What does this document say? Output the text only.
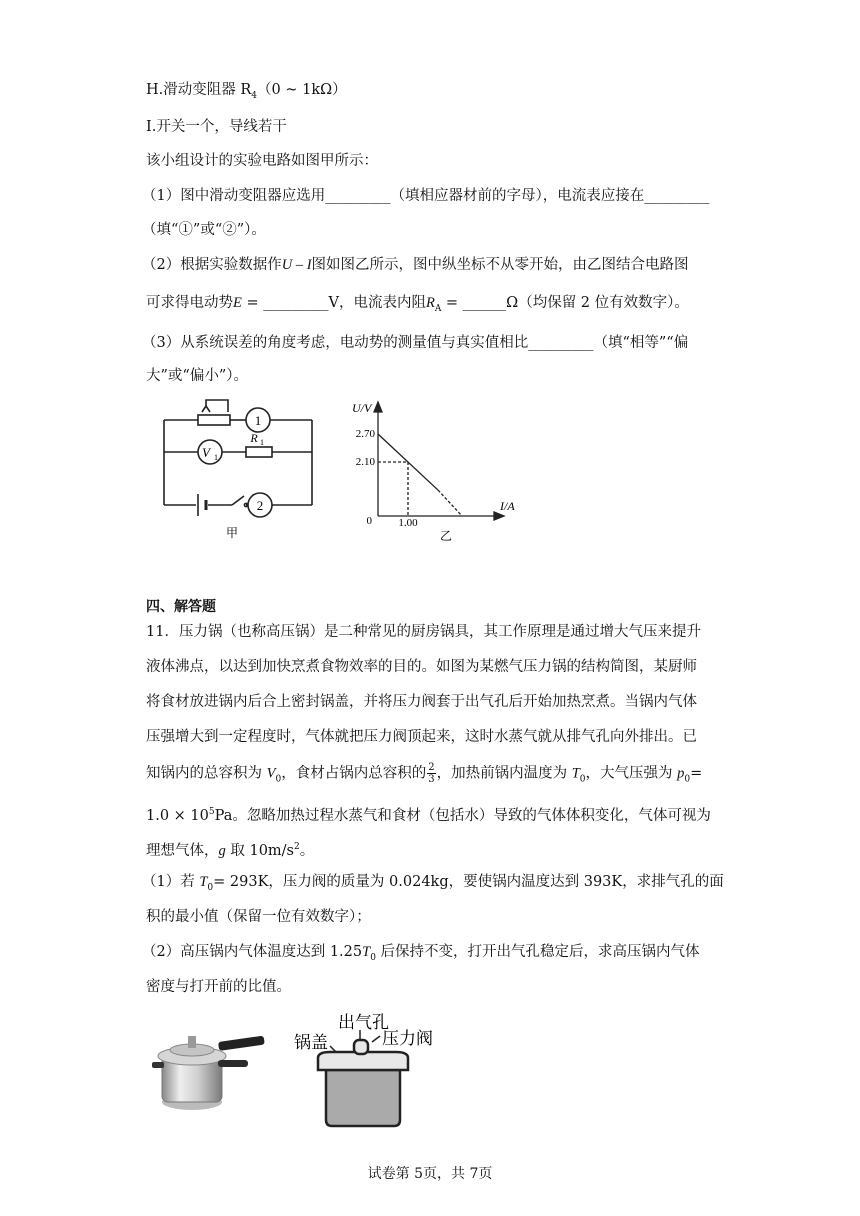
H.滑动变阻器 $R_4(0$ ~ 1kΩ）
I.开关一个，导线若干
该小组设计的实验电路如图甲所示：
（1）图中滑动变阻器应选用_________（填相应器材前的字母），电流表应接在_________
（填“①”或“②”）。
（2）根据实验数据作U – I图如图乙所示，图中纵坐标不从零开始，由乙图结合电路图
可求得电动势E = _________V，电流表内阻$R_A$ = ______Ω（均保留 2 位有效数字）。
（3）从系统误差的角度考虑，电动势的测量值与真实值相比_________（填“相等”“偏
大”或“偏小”）。
1
V 1
R 1
2
甲
U/V
I/A
0
2.70
2.10
1.00
乙
四、解答题
11．压力锅（也称高压锅）是二种常见的厨房锅具，其工作原理是通过增大气压来提升
液体沸点，以达到加快烹煮食物效率的目的。如图为某燃气压力锅的结构简图，某厨师
将食材放进锅内后合上密封锅盖，并将压力阀套于出气孔后开始加热烹煮。当锅内气体
压强增大到一定程度时，气体就把压力阀顶起来，这时水蒸气就从排气孔向外排出。已
知锅内的总容积为 $V_0$，食材占锅内总容积的 $\frac{2}{3}$ ，加热前锅内温度为 $T_0$，大气压强为 $p_0=$
$1.0 \times 10^5Pa$。忽略加热过程水蒸气和食材（包括水）导致的气体体积变化，气体可视为
理想气体，g 取 $10m/s^2$。
（1）若 $T_0= 293K$，压力阀的质量为 0.024kg，要使锅内温度达到 393K，求排气孔的面
积的最小值（保留一位有效数字）；
（2）高压锅内气体温度达到 $1.25T_0$ 后保持不变，打开出气孔稳定后，求高压锅内气体
密度与打开前的比值。
出气孔
锅盖	压力阀
试卷第 5页，共 7页
